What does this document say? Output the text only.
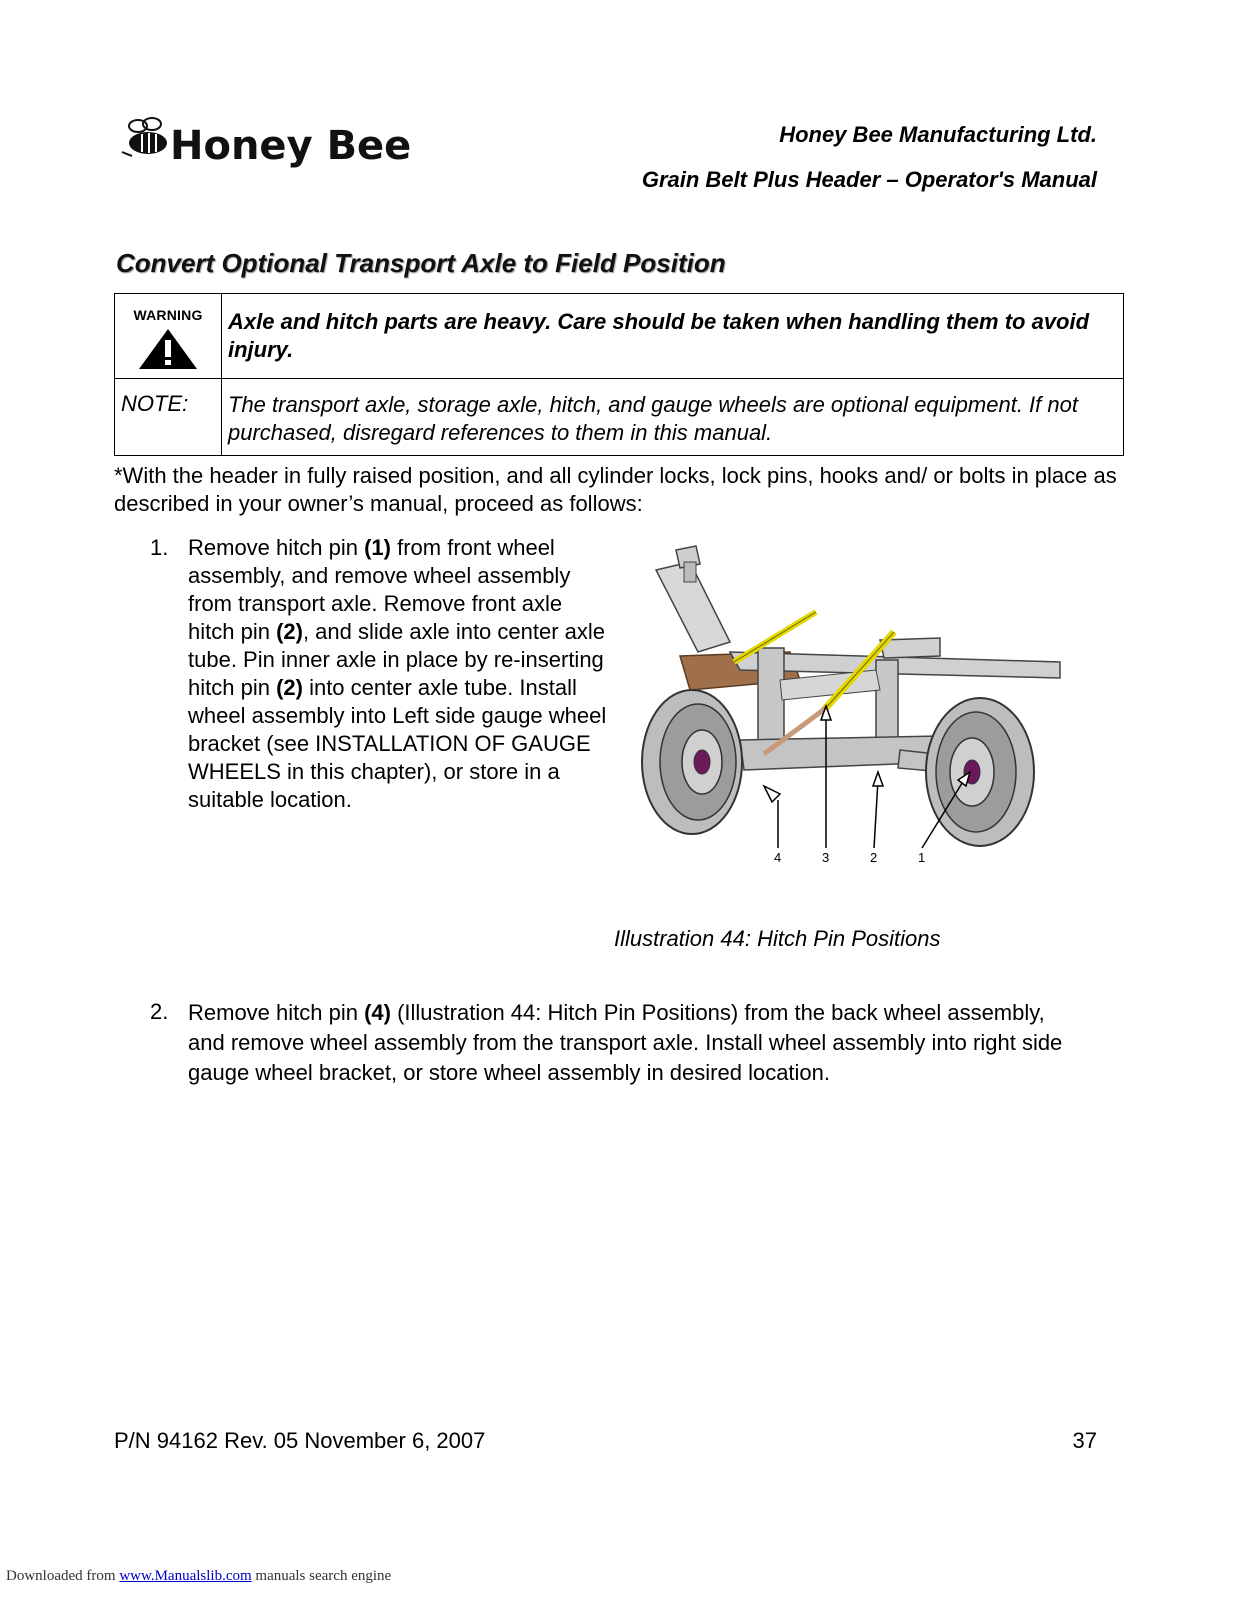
Honey Bee	Honey Bee Manufacturing Ltd.
Grain Belt Plus Header – Operator's Manual
Convert Optional Transport Axle to Field Position
WARNING	Axle and hitch parts are heavy. Care should be taken when handling them to avoid injury.
NOTE:	The transport axle, storage axle, hitch, and gauge wheels are optional equipment. If not purchased, disregard references to them in this manual.
*With the header in fully raised position, and all cylinder locks, lock pins, hooks and/ or bolts in place as described in your owner’s manual, proceed as follows:
1. Remove hitch pin (1) from front wheel assembly, and remove wheel assembly from transport axle. Remove front axle hitch pin (2), and slide axle into center axle tube. Pin inner axle in place by re-inserting hitch pin (2) into center axle tube. Install wheel assembly into Left side gauge wheel bracket (see INSTALLATION OF GAUGE WHEELS in this chapter), or store in a suitable location.
4	3	2	1
Illustration 44: Hitch Pin Positions
2. Remove hitch pin (4) (Illustration 44: Hitch Pin Positions) from the back wheel assembly, and remove wheel assembly from the transport axle. Install wheel assembly into right side gauge wheel bracket, or store wheel assembly in desired location.
P/N 94162 Rev. 05 November 6, 2007	37
Downloaded from www.Manualslib.com manuals search engine
